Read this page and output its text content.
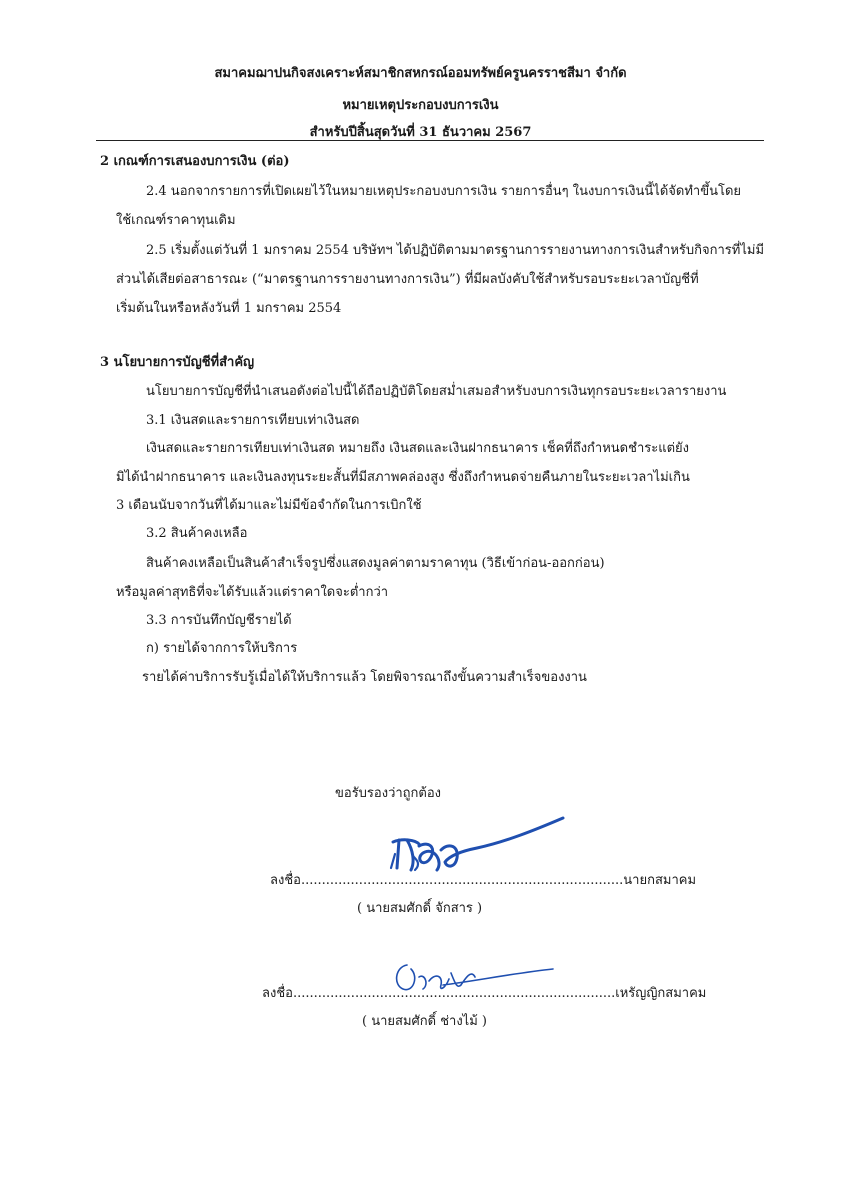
สมาคมฌาปนกิจสงเคราะห์สมาชิกสหกรณ์ออมทรัพย์ครูนครราชสีมา จำกัด
หมายเหตุประกอบงบการเงิน
สำหรับปีสิ้นสุดวันที่ 31 ธันวาคม 2567
2 เกณฑ์การเสนองบการเงิน (ต่อ)
2.4 นอกจากรายการที่เปิดเผยไว้ในหมายเหตุประกอบงบการเงิน รายการอื่นๆ ในงบการเงินนี้ได้จัดทำขึ้นโดย
ใช้เกณฑ์ราคาทุนเดิม
2.5 เริ่มตั้งแต่วันที่ 1 มกราคม 2554 บริษัทฯ ได้ปฏิบัติตามมาตรฐานการรายงานทางการเงินสำหรับกิจการที่ไม่มี
ส่วนได้เสียต่อสาธารณะ (“มาตรฐานการรายงานทางการเงิน”) ที่มีผลบังคับใช้สำหรับรอบระยะเวลาบัญชีที่
เริ่มต้นในหรือหลังวันที่ 1 มกราคม 2554
3 นโยบายการบัญชีที่สำคัญ
นโยบายการบัญชีที่นำเสนอดังต่อไปนี้ได้ถือปฏิบัติโดยสม่ำเสมอสำหรับงบการเงินทุกรอบระยะเวลารายงาน
3.1 เงินสดและรายการเทียบเท่าเงินสด
เงินสดและรายการเทียบเท่าเงินสด หมายถึง เงินสดและเงินฝากธนาคาร เช็คที่ถึงกำหนดชำระแต่ยัง
มิได้นำฝากธนาคาร และเงินลงทุนระยะสั้นที่มีสภาพคล่องสูง ซึ่งถึงกำหนดจ่ายคืนภายในระยะเวลาไม่เกิน
3 เดือนนับจากวันที่ได้มาและไม่มีข้อจำกัดในการเบิกใช้
3.2 สินค้าคงเหลือ
สินค้าคงเหลือเป็นสินค้าสำเร็จรูปซึ่งแสดงมูลค่าตามราคาทุน (วิธีเข้าก่อน-ออกก่อน)
หรือมูลค่าสุทธิที่จะได้รับแล้วแต่ราคาใดจะต่ำกว่า
3.3 การบันทึกบัญชีรายได้
ก) รายได้จากการให้บริการ
รายได้ค่าบริการรับรู้เมื่อได้ให้บริการแล้ว โดยพิจารณาถึงขั้นความสำเร็จของงาน
ขอรับรองว่าถูกต้อง
ลงชื่อ..............................................................................นายกสมาคม
( นายสมศักดิ์ จักสาร )
ลงชื่อ..............................................................................เหรัญญิกสมาคม
( นายสมศักดิ์ ช่างไม้ )
